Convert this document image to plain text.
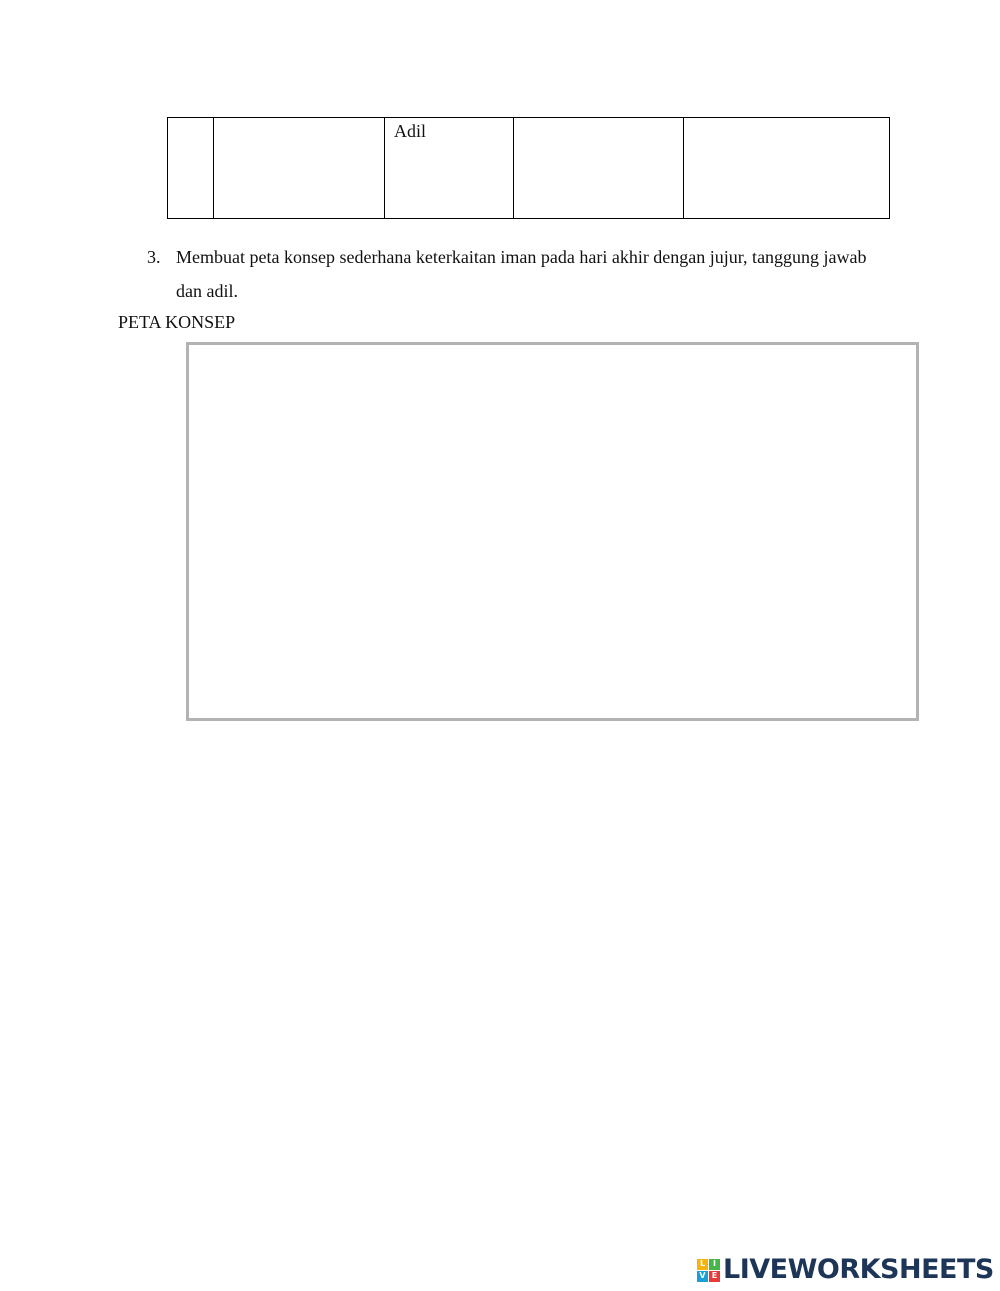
Adil

3. Membuat peta konsep sederhana keterkaitan iman pada hari akhir dengan jujur, tanggung jawab dan adil.
PETA KONSEP
L I
V E LIVEWORKSHEETS
